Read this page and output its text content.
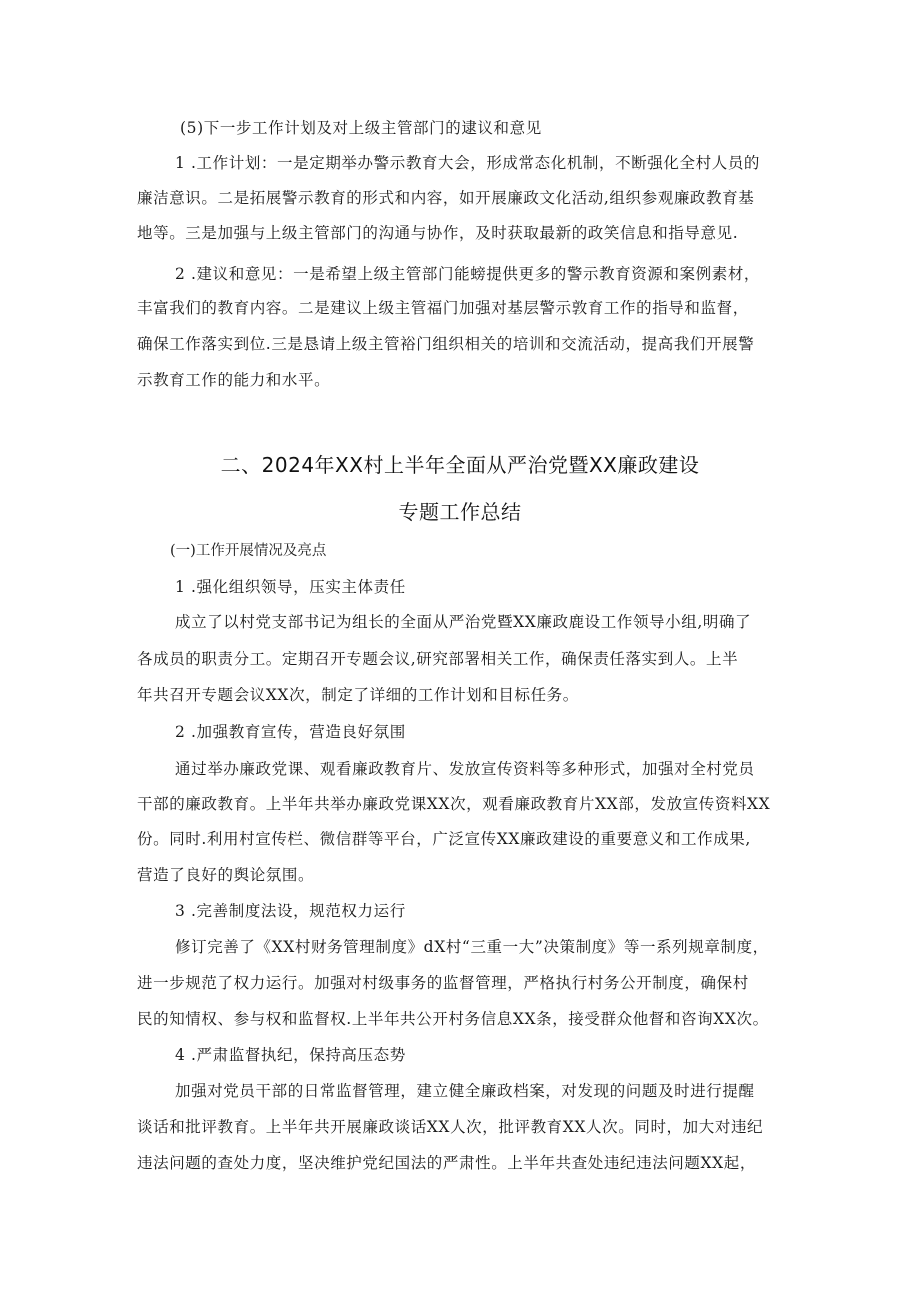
(5)下一步工作计划及对上级主管部门的逮议和意见
1 .工作计划：一是定期举办警示教育大会，形成常态化机制，不断强化全村人员的
廉洁意识。二是拓展警示教育的形式和内容，如开展廉政文化活动,组织参观廉政教育基
地等。三是加强与上级主管部门的沟通与协作，及时获取最新的政笑信息和指导意见.
2 .建议和意见：一是希望上级主管部门能螃提供更多的警示教育资源和案例素材，
丰富我们的教育内容。二是建议上级主管福门加强对基层警示敦育工作的指导和监督，
确保工作落实到位.三是恳请上级主管裕门组织相关的培训和交流活动，提高我们开展警
示教育工作的能力和水平。
二、2024年XX村上半年全面从严治党暨XX廉政建设
专题工作总结
(一)工作开展情况及亮点
1 .强化组织领导，压实主体责任
成立了以村党支部书记为组长的全面从严治党暨XX廉政鹿设工作领导小组,明确了
各成员的职责分工。定期召开专题会议,研究部署相关工作，确保责任落实到人。上半
年共召开专题会议XX次，制定了详细的工作计划和目标任务。
2 .加强教育宣传，营造良好氛围
通过举办廉政党课、观看廉政教育片、发放宣传资料等多种形式，加强对全村党员
干部的廉政教育。上半年共举办廉政党课XX次，观看廉政教育片XX部，发放宣传资料XX
份。同时.利用村宣传栏、微信群等平台，广泛宣传XX廉政建设的重要意义和工作成果,
营造了良好的舆论氛围。
3 .完善制度法设，规范权力运行
修订完善了《XX村财务管理制度》dX村“三重一大”决策制度》等一系列规章制度，
进一步规范了权力运行。加强对村级事务的监督管理，严格执行村务公开制度，确保村
民的知情权、参与权和监督权.上半年共公开村务信息XX条，接受群众他督和咨询XX次。
4 .严肃监督执纪，保持高压态势
加强对党员干部的日常监督管理，建立健全廉政档案，对发现的问题及时进行提醒
谈话和批评教育。上半年共开展廉政谈话XX人次，批评教育XX人次。同时，加大对违纪
违法问题的查处力度，坚决维护党纪国法的严肃性。上半年共查处违纪违法问题XX起，
